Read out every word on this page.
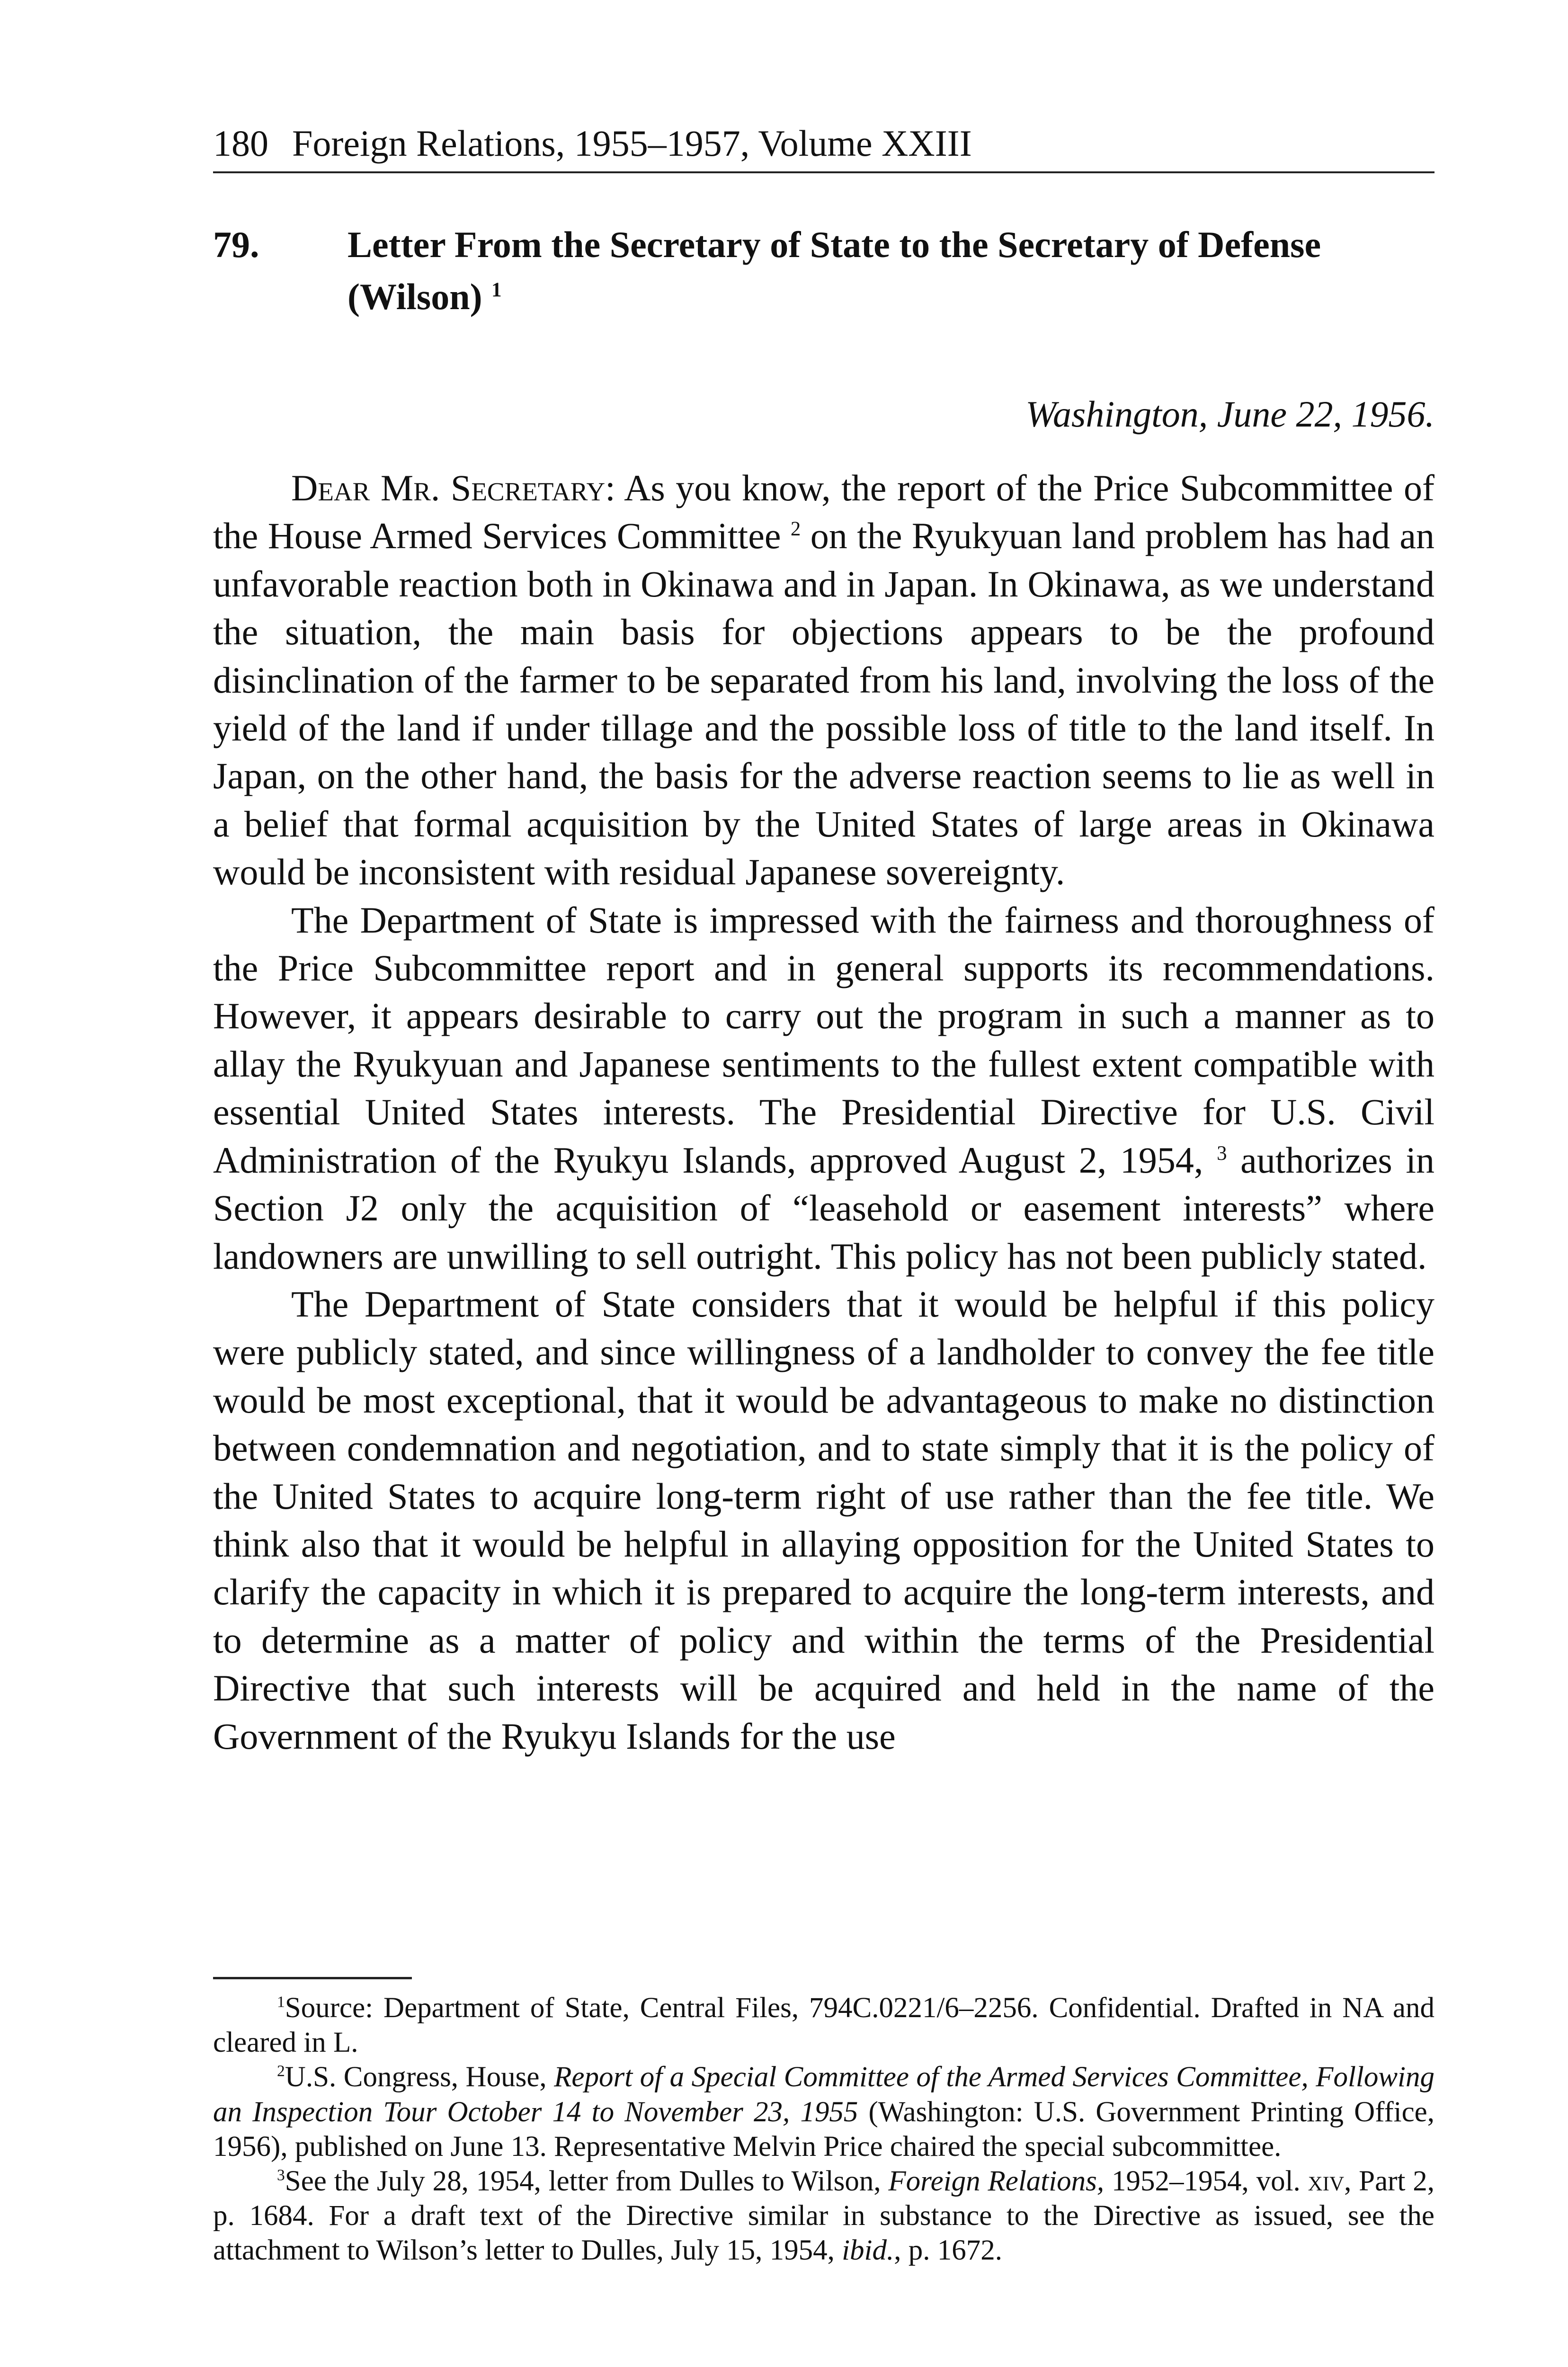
180 Foreign Relations, 1955–1957, Volume XXIII
79. Letter From the Secretary of State to the Secretary of Defense (Wilson) $^1$
Washington, June 22, 1956.

Dear Mr. Secretary: As you know, the report of the Price Subcommittee of the House Armed Services Committee $^2$ on the Ryukyuan land problem has had an unfavorable reaction both in Okinawa and in Japan. In Okinawa, as we understand the situation, the main basis for objections appears to be the profound disinclination of the farmer to be separated from his land, involving the loss of the yield of the land if under tillage and the possible loss of title to the land itself. In Japan, on the other hand, the basis for the adverse reaction seems to lie as well in a belief that formal acquisition by the United States of large areas in Okinawa would be inconsistent with residual Japanese sovereignty.

The Department of State is impressed with the fairness and thoroughness of the Price Subcommittee report and in general supports its recommendations. However, it appears desirable to carry out the program in such a manner as to allay the Ryukyuan and Japanese sentiments to the fullest extent compatible with essential United States interests. The Presidential Directive for U.S. Civil Administration of the Ryukyu Islands, approved August 2, 1954, $^3$ authorizes in Section J2 only the acquisition of “leasehold or easement interests” where landowners are unwilling to sell outright. This policy has not been publicly stated.

The Department of State considers that it would be helpful if this policy were publicly stated, and since willingness of a landholder to convey the fee title would be most exceptional, that it would be advantageous to make no distinction between condemnation and negotiation, and to state simply that it is the policy of the United States to acquire long-term right of use rather than the fee title. We think also that it would be helpful in allaying opposition for the United States to clarify the capacity in which it is prepared to acquire the long-term interests, and to determine as a matter of policy and within the terms of the Presidential Directive that such interests will be acquired and held in the name of the Government of the Ryukyu Islands for the use

$^1$Source: Department of State, Central Files, 794C.0221/6–2256. Confidential. Drafted in NA and cleared in L.

$^2$U.S. Congress, House, Report of a Special Committee of the Armed Services Committee, Following an Inspection Tour October 14 to November 23, 1955 (Washington: U.S. Government Printing Office, 1956), published on June 13. Representative Melvin Price chaired the special subcommittee.

$^3$See the July 28, 1954, letter from Dulles to Wilson, Foreign Relations, 1952–1954, vol. xiv, Part 2, p. 1684. For a draft text of the Directive similar in substance to the Directive as issued, see the attachment to Wilson’s letter to Dulles, July 15, 1954, ibid., p. 1672.
